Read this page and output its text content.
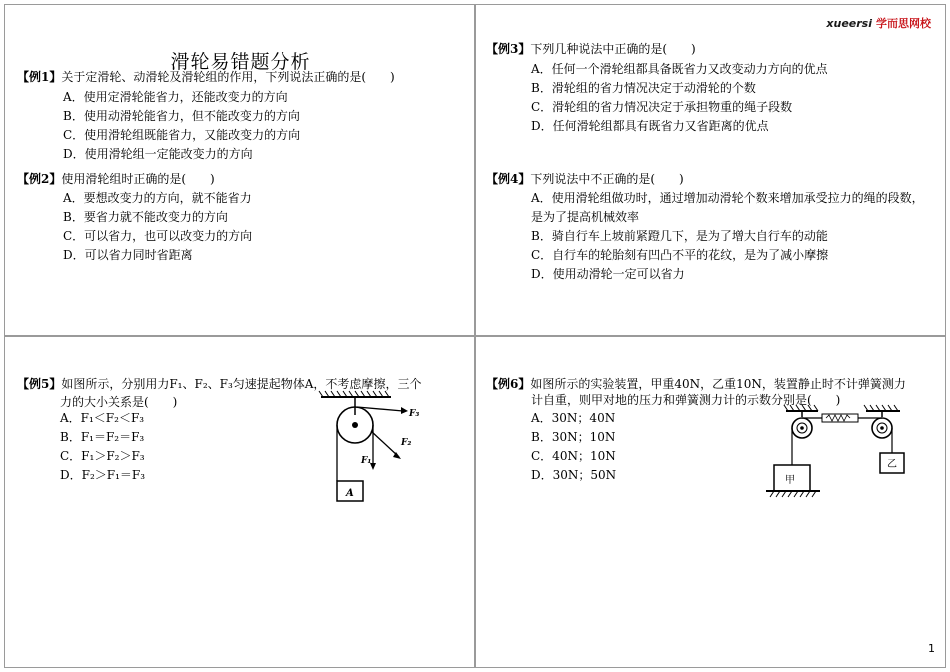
滑轮易错题分析
【例1】关于定滑轮、动滑轮及滑轮组的作用，下列说法正确的是(　　)
A．使用定滑轮能省力，还能改变力的方向
B．使用动滑轮能省力，但不能改变力的方向
C．使用滑轮组既能省力，又能改变力的方向
D．使用滑轮组一定能改变力的方向
【例2】使用滑轮组时正确的是(　　)
A．要想改变力的方向，就不能省力
B．要省力就不能改变力的方向
C．可以省力，也可以改变力的方向
D．可以省力同时省距离
xueersi 学而思网校
【例3】下列几种说法中正确的是(　　)
A．任何一个滑轮组都具备既省力又改变动力方向的优点
B．滑轮组的省力情况决定于动滑轮的个数
C．滑轮组的省力情况决定于承担物重的绳子段数
D．任何滑轮组都具有既省力又省距离的优点
【例4】下列说法中不正确的是(　　)
A．使用滑轮组做功时，通过增加动滑轮个数来增加承受拉力的绳的段数，是为了提高机械效率
B．骑自行车上坡前紧蹬几下，是为了增大自行车的动能
C．自行车的轮胎刻有凹凸不平的花纹，是为了减小摩擦
D．使用动滑轮一定可以省力
【例5】如图所示，分别用力F₁、F₂、F₃匀速提起物体A，不考虑摩擦，三个
力的大小关系是(　　)
A．F₁＜F₂＜F₃
B．F₁＝F₂＝F₃
C．F₁＞F₂＞F₃
D．F₂＞F₁＝F₃
F₃
F₂
F₁
A
【例6】如图所示的实验装置，甲重40N，乙重10N，装置静止时不计弹簧测力
计自重，则甲对地的压力和弹簧测力计的示数分别是(　　)
A．30N；40N
B．30N；10N
C．40N；10N
D．30N；50N	甲
乙
1
